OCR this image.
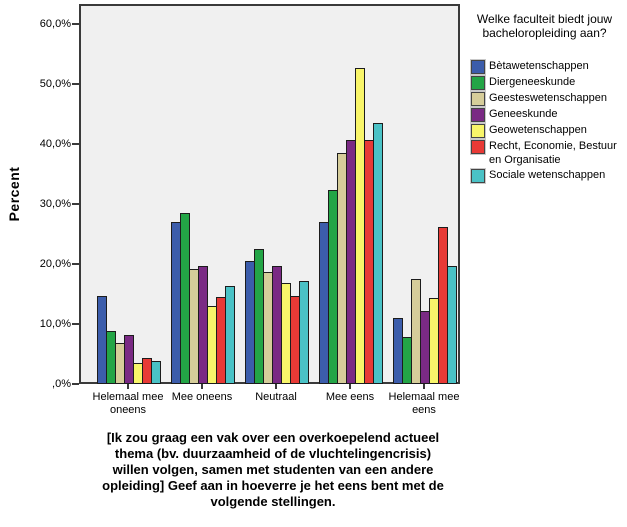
Percent
,0%
10,0%
20,0%
30,0%
40,0%
50,0%
60,0%
Helemaal mee oneens
Mee oneens	Neutraal	Mee eens	Helemaal mee eens
Welke faculteit biedt jouw bacheloropleiding aan?
Bètawetenschappen
Diergeneeskunde
Geesteswetenschappen
Geneeskunde
Geowetenschappen
Recht, Economie, Bestuur en Organisatie
Sociale wetenschappen
[Ik zou graag een vak over een overkoepelend actueel thema (bv. duurzaamheid of de vluchtelingencrisis) willen volgen, samen met studenten van een andere opleiding] Geef aan in hoeverre je het eens bent met de volgende stellingen.
